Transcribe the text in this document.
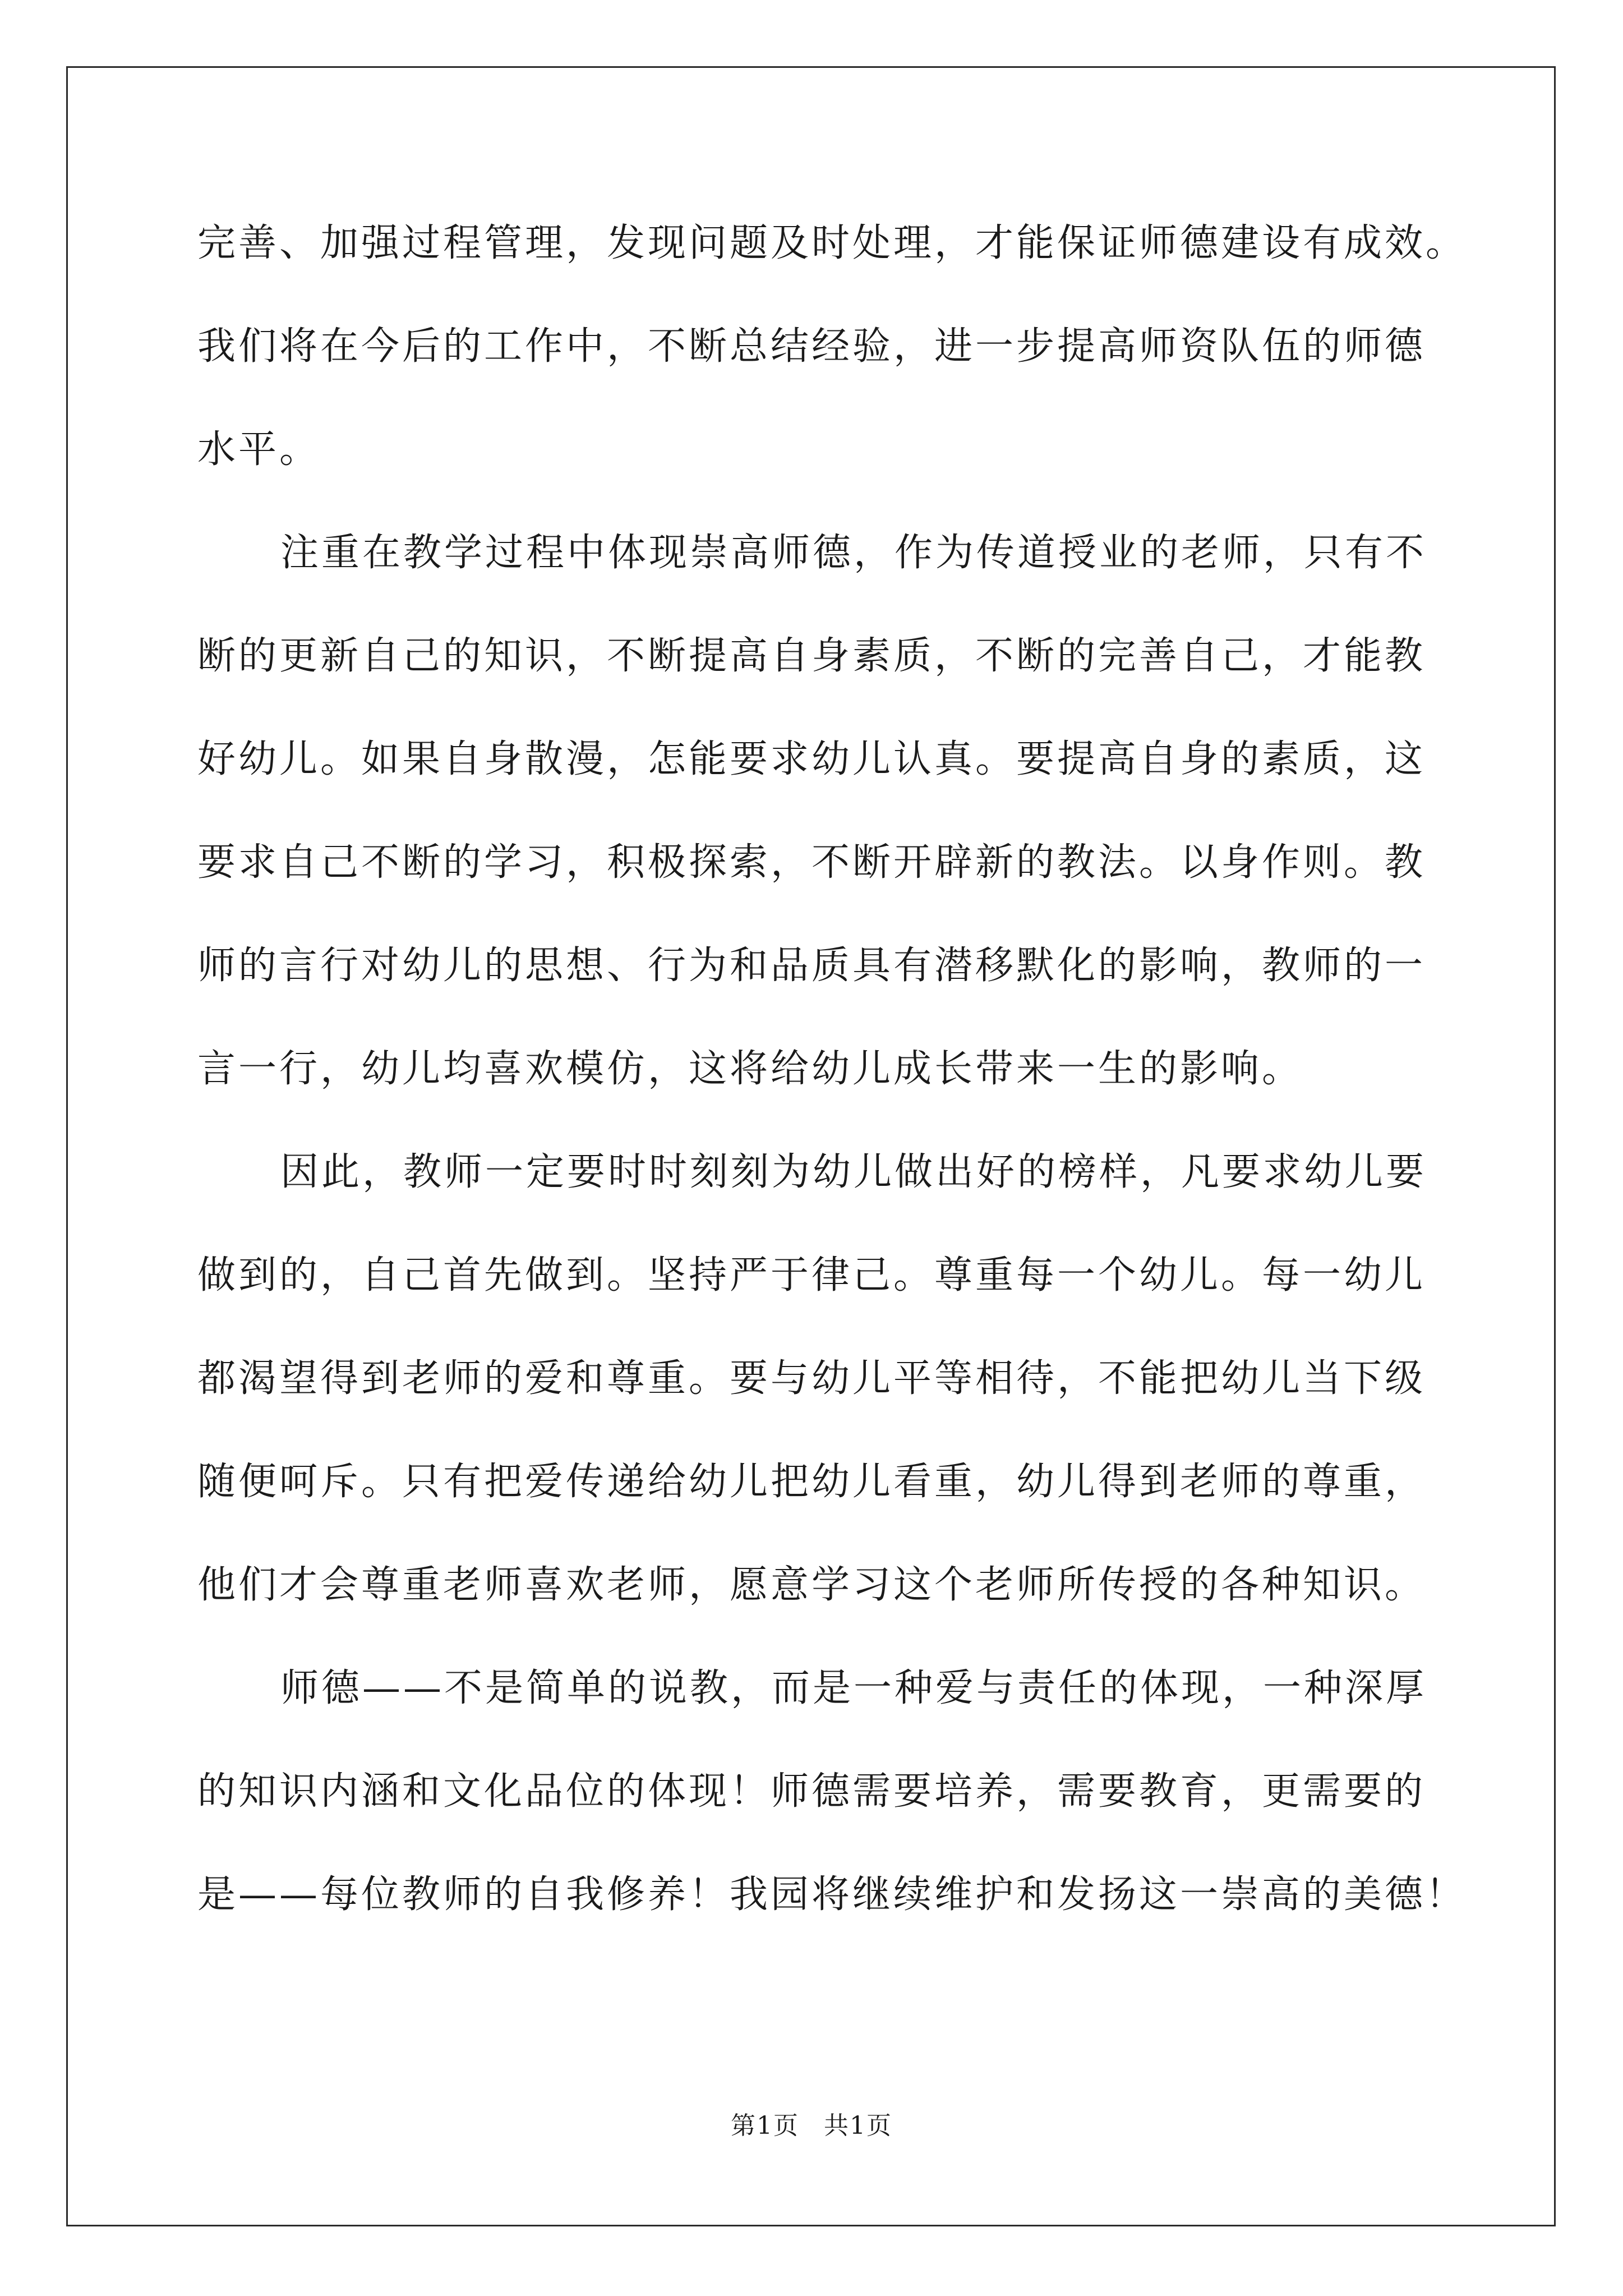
完善、加强过程管理，发现问题及时处理，才能保证师德建设有成效。
我们将在今后的工作中，不断总结经验，进一步提高师资队伍的师德
水平。
注重在教学过程中体现崇高师德，作为传道授业的老师，只有不
断的更新自己的知识，不断提高自身素质，不断的完善自己，才能教
好幼儿。如果自身散漫，怎能要求幼儿认真。要提高自身的素质，这
要求自己不断的学习，积极探索，不断开辟新的教法。以身作则。教
师的言行对幼儿的思想、行为和品质具有潜移默化的影响，教师的一
言一行，幼儿均喜欢模仿，这将给幼儿成长带来一生的影响。
因此，教师一定要时时刻刻为幼儿做出好的榜样，凡要求幼儿要
做到的，自己首先做到。坚持严于律己。尊重每一个幼儿。每一幼儿
都渴望得到老师的爱和尊重。要与幼儿平等相待，不能把幼儿当下级
随便呵斥。只有把爱传递给幼儿把幼儿看重，幼儿得到老师的尊重，
他们才会尊重老师喜欢老师，愿意学习这个老师所传授的各种知识。
师德——不是简单的说教，而是一种爱与责任的体现，一种深厚
的知识内涵和文化品位的体现！师德需要培养，需要教育，更需要的
是——每位教师的自我修养！我园将继续维护和发扬这一崇高的美德！
第1页 共1页
